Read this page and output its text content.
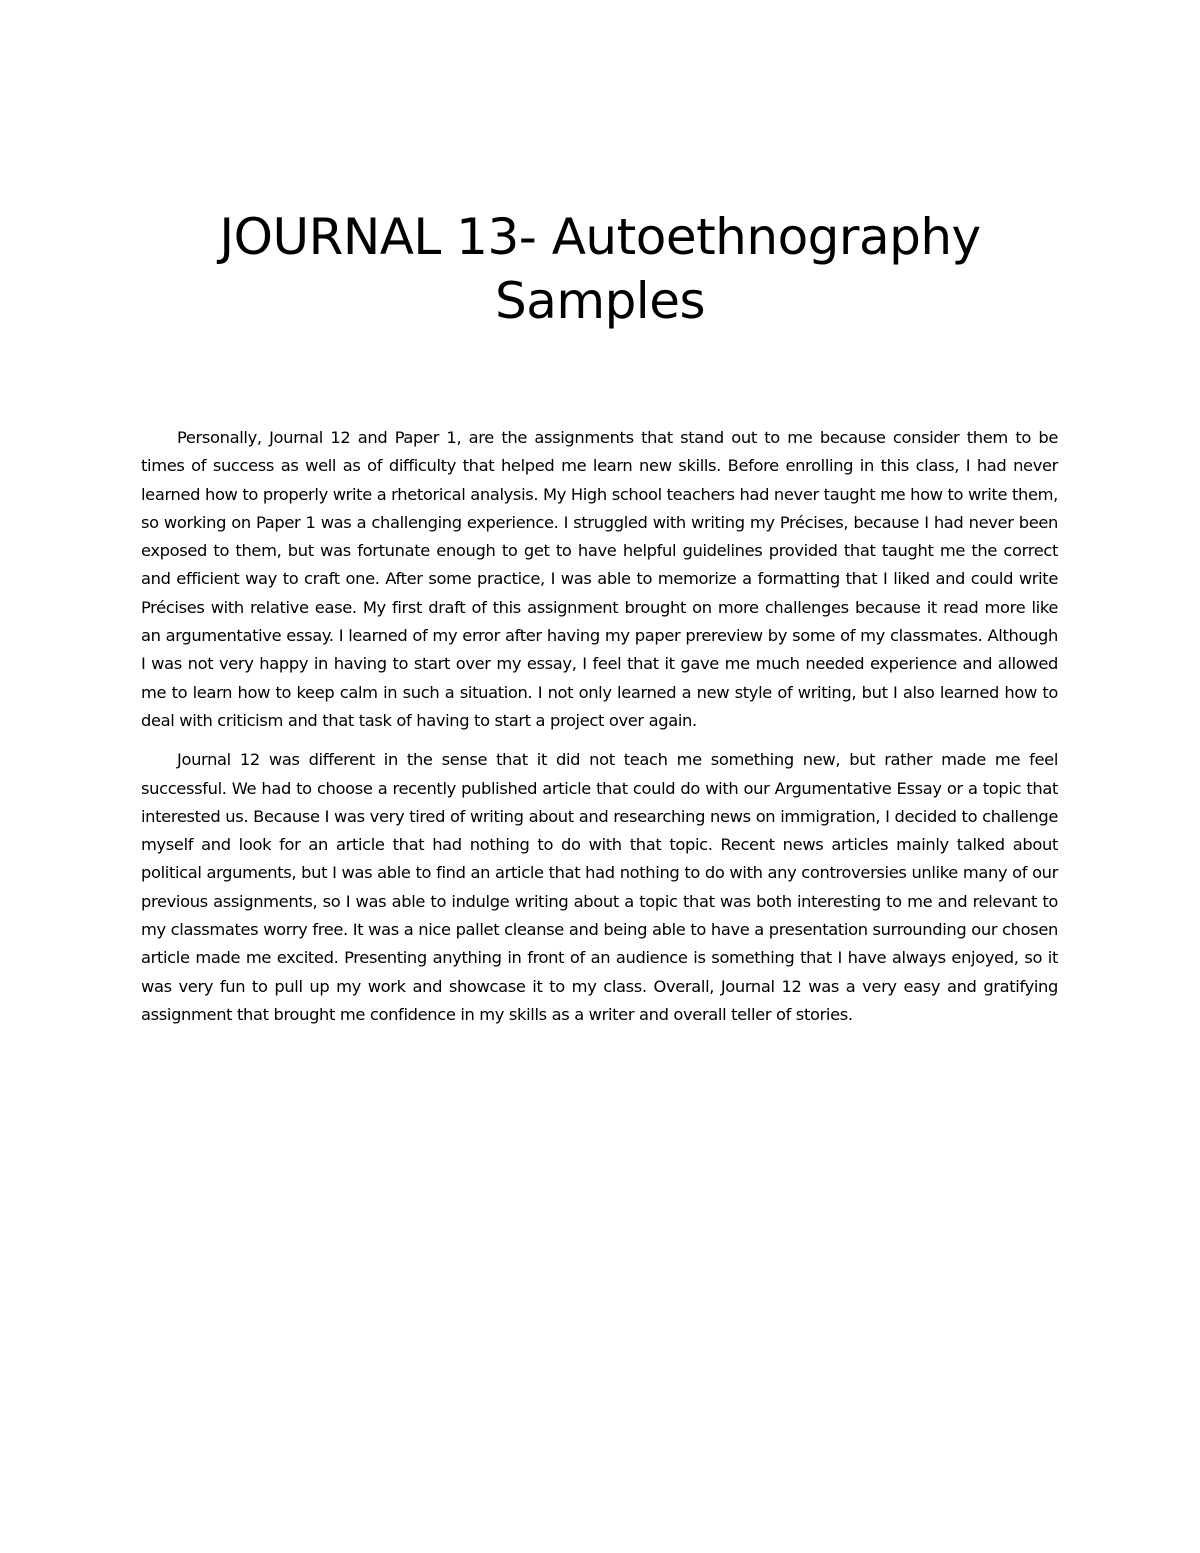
JOURNAL 13- Autoethnography
Samples

Personally, Journal 12 and Paper 1, are the assignments that stand out to me because consider them to be times of success as well as of difficulty that helped me learn new skills. Before enrolling in this class, I had never learned how to properly write a rhetorical analysis. My High school teachers had never taught me how to write them, so working on Paper 1 was a challenging experience. I struggled with writing my Précises, because I had never been exposed to them, but was fortunate enough to get to have helpful guidelines provided that taught me the correct and efficient way to craft one. After some practice, I was able to memorize a formatting that I liked and could write Précises with relative ease. My first draft of this assignment brought on more challenges because it read more like an argumentative essay. I learned of my error after having my paper prereview by some of my classmates. Although I was not very happy in having to start over my essay, I feel that it gave me much needed experience and allowed me to learn how to keep calm in such a situation. I not only learned a new style of writing, but I also learned how to deal with criticism and that task of having to start a project over again.

Journal 12 was different in the sense that it did not teach me something new, but rather made me feel successful. We had to choose a recently published article that could do with our Argumentative Essay or a topic that interested us. Because I was very tired of writing about and researching news on immigration, I decided to challenge myself and look for an article that had nothing to do with that topic. Recent news articles mainly talked about political arguments, but I was able to find an article that had nothing to do with any controversies unlike many of our previous assignments, so I was able to indulge writing about a topic that was both interesting to me and relevant to my classmates worry free. It was a nice pallet cleanse and being able to have a presentation surrounding our chosen article made me excited. Presenting anything in front of an audience is something that I have always enjoyed, so it was very fun to pull up my work and showcase it to my class. Overall, Journal 12 was a very easy and gratifying assignment that brought me confidence in my skills as a writer and overall teller of stories.
